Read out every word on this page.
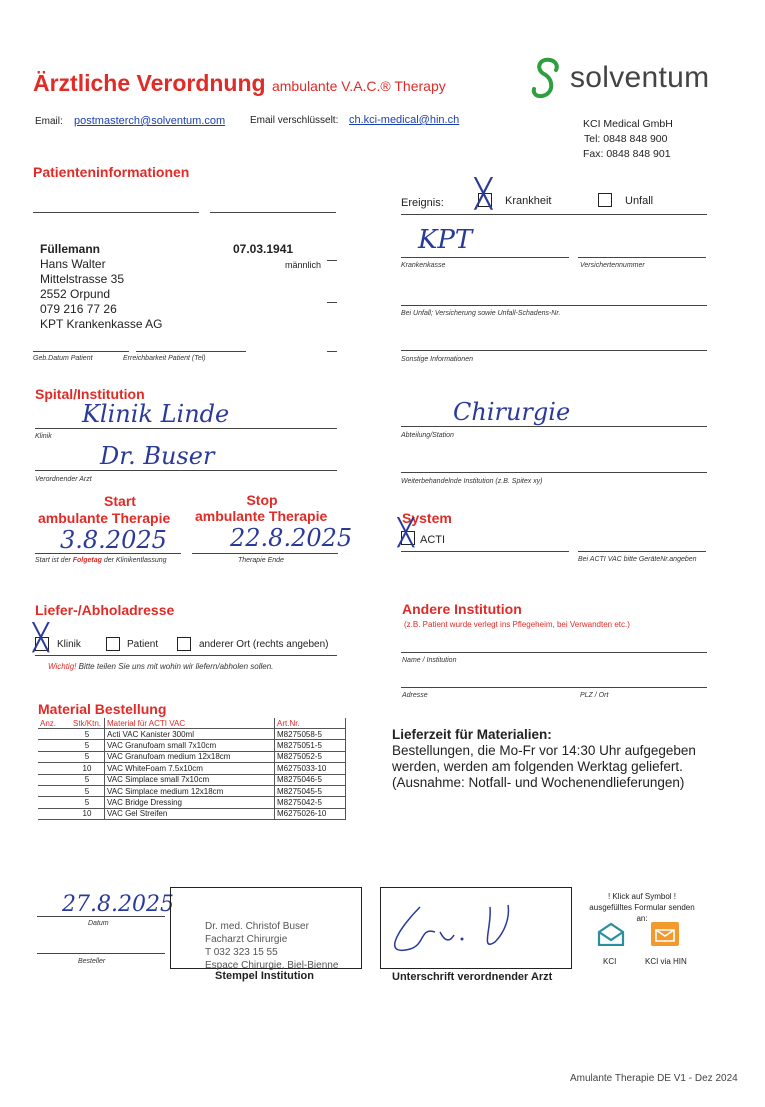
Ärztliche Verordnung ambulante V.A.C.® Therapy	solventum
Email: postmasterch@solventum.com Email verschlüsselt: ch.kci-medical@hin.ch	KCI Medical GmbH
Tel: 0848 848 900
Fax: 0848 848 901
Patienteninformationen
Füllemann
Hans Walter
Mittelstrasse 35
2552 Orpund
079 216 77 26
KPT Krankenkasse AG
07.03.1941
männlich
Geb.Datum Patient	Erreichbarkeit Patient (Tel)
Ereignis: ╳ Krankheit	Unfall
KPT
Krankenkasse	Versichertennummer
Bei Unfall; Versicherung sowie Unfall-Schadens-Nr.
Sonstige Informationen
Spital/Institution
Klinik Linde
Klinik
Dr. Buser
Verordnender Arzt
Chirurgie
Abteilung/Station
Weiterbehandelnde Institution (z.B. Spitex xy)
Start
ambulante Therapie
Stop
ambulante Therapie
3.8.2025	22.8.2025
Start ist der Folgetag der Klinikentlassung	Therapie Ende
System
╳ ACTI
Bei ACTI VAC bitte GeräteNr.angeben
Liefer-/Abholadresse
╳ Klinik	Patient	anderer Ort (rechts angeben)
Wichtig! Bitte teilen Sie uns mit wohin wir liefern/abholen sollen.
Andere Institution
(z.B. Patient wurde verlegt ins Pflegeheim, bei Verwandten etc.)
Name / Institution
Adresse	PLZ / Ort
Material Bestellung
Anz.	Stk/Ktn.	Material für ACTI VAC	Art.Nr.
	5	Acti VAC Kanister 300ml	M8275058-5
	5	VAC Granufoam small 7x10cm	M8275051-5
	5	VAC Granufoam medium 12x18cm	M8275052-5
	10	VAC WhiteFoam 7.5x10cm	M6275033-10
	5	VAC Simplace small 7x10cm	M8275046-5
	5	VAC Simplace medium 12x18cm	M8275045-5
	5	VAC Bridge Dressing	M8275042-5
	10	VAC Gel Streifen	M6275026-10
Lieferzeit für Materialien:
Bestellungen, die Mo-Fr vor 14:30 Uhr aufgegeben
werden, werden am folgenden Werktag geliefert.
(Ausnahme: Notfall- und Wochenendlieferungen)
27.8.2025
Datum
Besteller
Dr. med. Christof Buser
Facharzt Chirurgie
T 032 323 15 55
Espace Chirurgie, Biel-Bienne
Stempel Institution	Unterschrift verordnender Arzt
! Klick auf Symbol !
ausgefülltes Formular senden an:
KCI	KCI via HIN
Amulante Therapie DE V1 - Dez 2024
